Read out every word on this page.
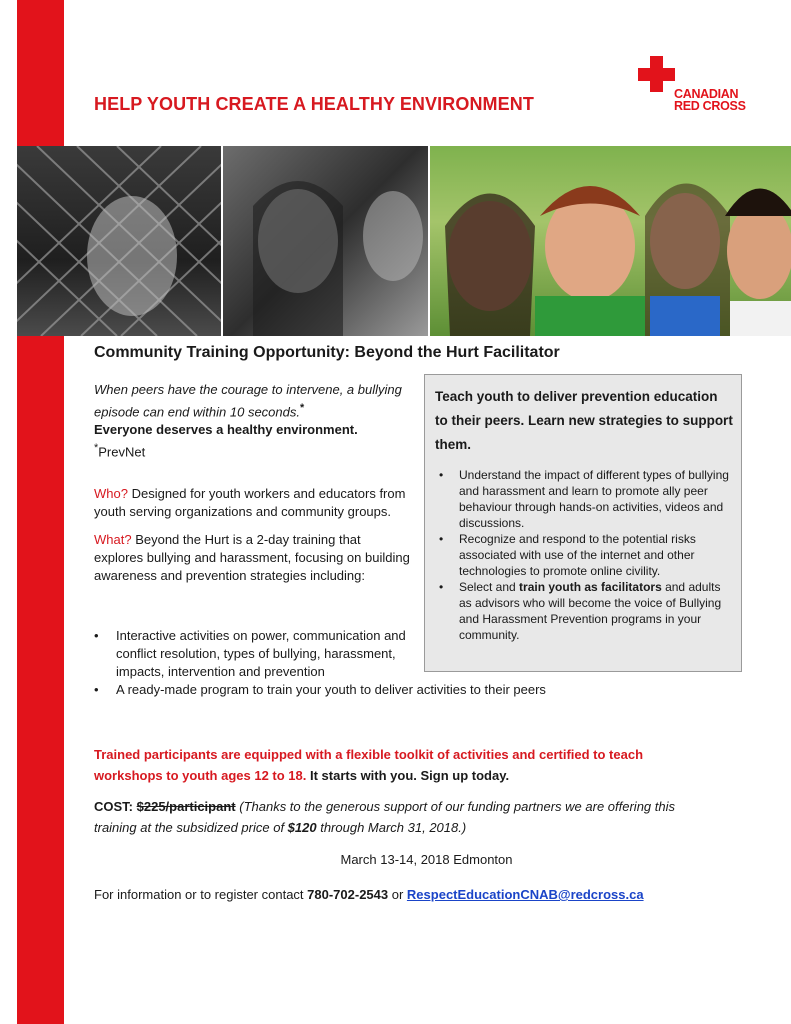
HELP YOUTH CREATE A HEALTHY ENVIRONMENT	CANADIAN
RED CROSS
Community Training Opportunity: Beyond the Hurt Facilitator

When peers have the courage to intervene, a bullying episode can end within 10 seconds.*
Everyone deserves a healthy environment.
*PrevNet

Who? Designed for youth workers and educators from youth serving organizations and community groups.

What? Beyond the Hurt is a 2-day training that explores bullying and harassment, focusing on building awareness and prevention strategies including:

• Interactive activities on power, communication and conflict resolution, types of bullying, harassment, impacts, intervention and prevention
• A ready-made program to train your youth to deliver activities to their peers
Teach youth to deliver prevention education to their peers. Learn new strategies to support them.
• Understand the impact of different types of bullying and harassment and learn to promote ally peer behaviour through hands-on activities, videos and discussions.
• Recognize and respond to the potential risks associated with use of the internet and other technologies to promote online civility.
• Select and train youth as facilitators and adults as advisors who will become the voice of Bullying and Harassment Prevention programs in your community.
Trained participants are equipped with a flexible toolkit of activities and certified to teach workshops to youth ages 12 to 18. It starts with you. Sign up today.
COST: $225/participant (Thanks to the generous support of our funding partners we are offering this training at the subsidized price of $120 through March 31, 2018.)
March 13-14, 2018 Edmonton
For information or to register contact 780-702-2543 or RespectEducationCNAB@redcross.ca
